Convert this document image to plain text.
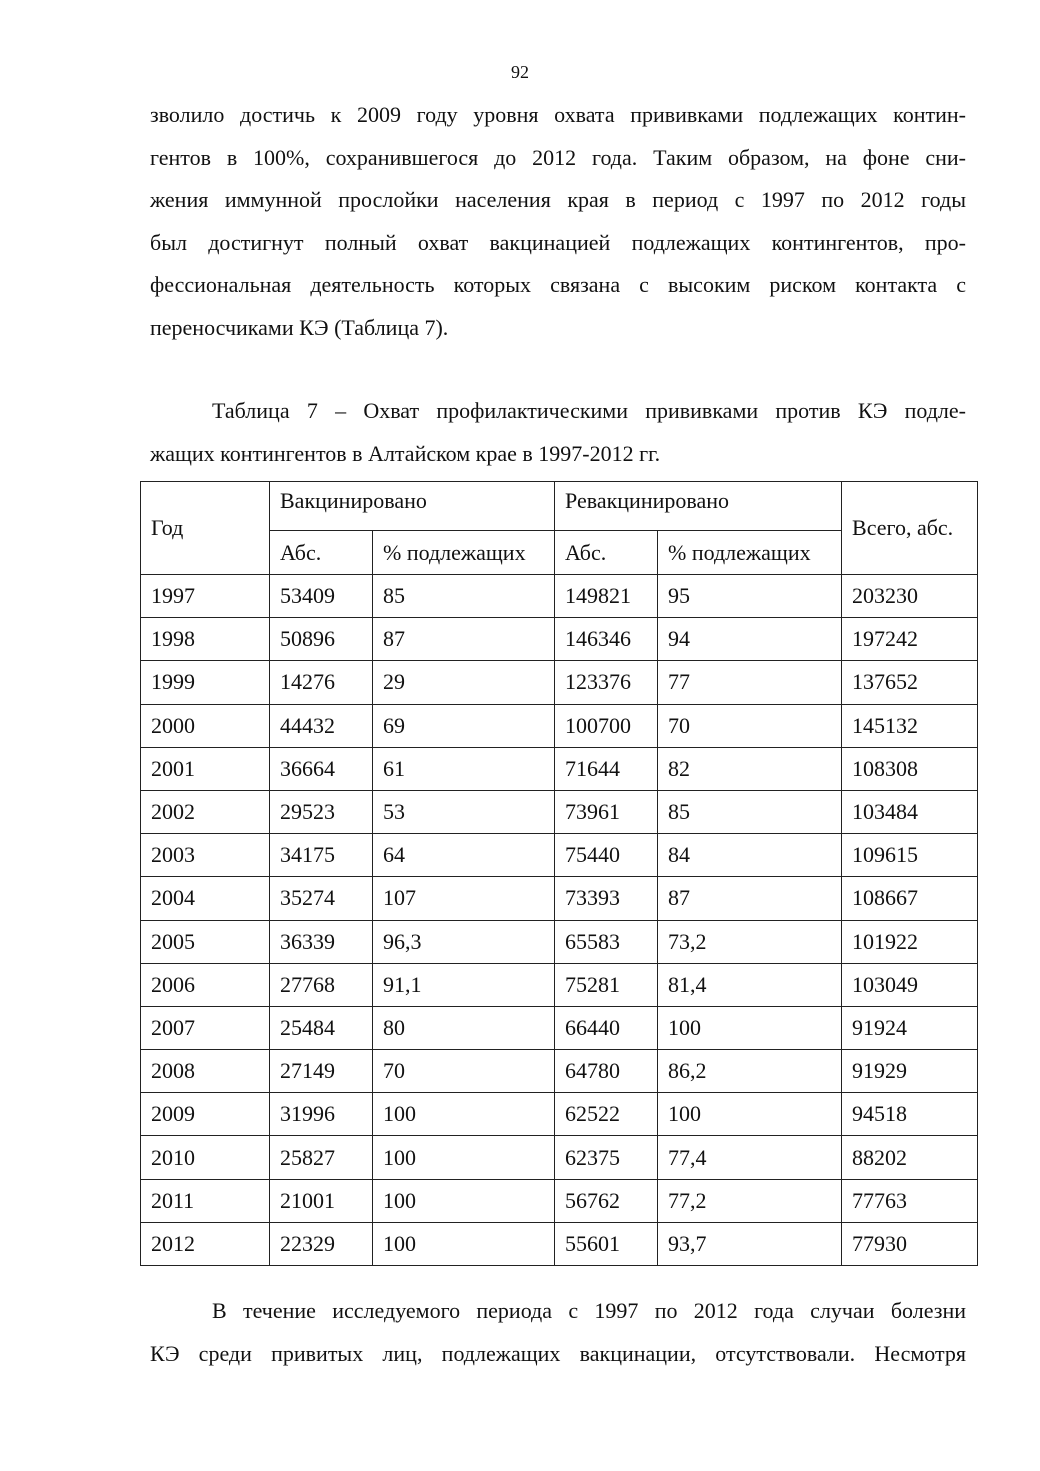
92
зволило достичь к 2009 году уровня охвата прививками подлежащих контин-
гентов в 100%, сохранившегося до 2012 года. Таким образом, на фоне сни-
жения иммунной прослойки населения края в период с 1997 по 2012 годы
был достигнут полный охват вакцинацией подлежащих контингентов, про-
фессиональная деятельность которых связана с высоким риском контакта с
переносчиками КЭ (Таблица 7).
Таблица 7 – Охват профилактическими прививками против КЭ подле-
жащих контингентов в Алтайском крае в 1997-2012 гг.
Год	Вакцинировано		Ревакцинировано		Всего, абс.
	Абс.	% подлежащих	Абс.	% подлежащих	
1997	53409	85	149821	95	203230
1998	50896	87	146346	94	197242
1999	14276	29	123376	77	137652
2000	44432	69	100700	70	145132
2001	36664	61	71644	82	108308
2002	29523	53	73961	85	103484
2003	34175	64	75440	84	109615
2004	35274	107	73393	87	108667
2005	36339	96,3	65583	73,2	101922
2006	27768	91,1	75281	81,4	103049
2007	25484	80	66440	100	91924
2008	27149	70	64780	86,2	91929
2009	31996	100	62522	100	94518
2010	25827	100	62375	77,4	88202
2011	21001	100	56762	77,2	77763
2012	22329	100	55601	93,7	77930
В течение исследуемого периода с 1997 по 2012 года случаи болезни
КЭ среди привитых лиц, подлежащих вакцинации, отсутствовали. Несмотря
